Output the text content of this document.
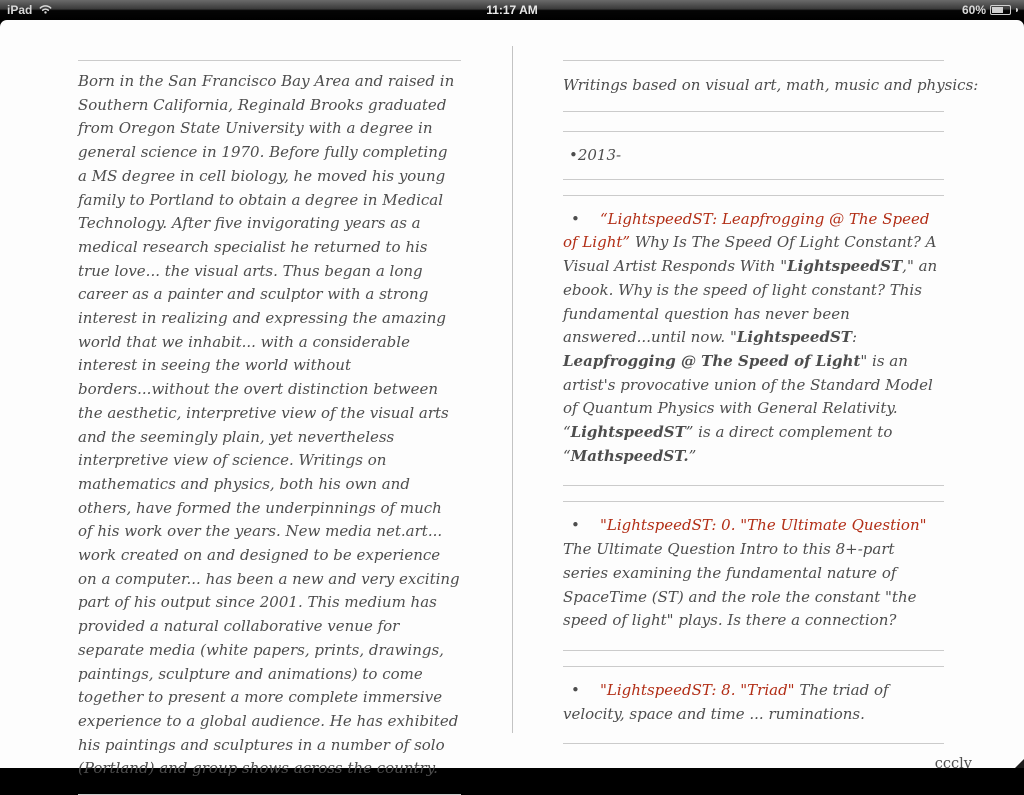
iPad	11:17 AM	60%
Born in the San Francisco Bay Area and raised in Southern California, Reginald Brooks graduated from Oregon State University with a degree in general science in 1970. Before fully completing a MS degree in cell biology, he moved his young family to Portland to obtain a degree in Medical Technology. After five invigorating years as a medical research specialist he returned to his true love... the visual arts. Thus began a long career as a painter and sculptor with a strong interest in realizing and expressing the amazing world that we inhabit... with a considerable interest in seeing the world without borders...without the overt distinction between the aesthetic, interpretive view of the visual arts and the seemingly plain, yet nevertheless interpretive view of science. Writings on mathematics and physics, both his own and others, have formed the underpinnings of much of his work over the years. New media net.art... work created on and designed to be experience on a computer... has been a new and very exciting part of his output since 2001. This medium has provided a natural collaborative venue for separate media (white papers, prints, drawings, paintings, sculpture and animations) to come together to present a more complete immersive experience to a global audience. He has exhibited his paintings and sculptures in a number of solo (Portland) and group shows across the country.
Writings based on visual art, math, music and physics:
•2013-
• “LightspeedST: Leapfrogging @ The Speed of Light” Why Is The Speed Of Light Constant? A Visual Artist Responds With "LightspeedST," an ebook. Why is the speed of light constant? This fundamental question has never been answered...until now. "LightspeedST: Leapfrogging @ The Speed of Light" is an artist's provocative union of the Standard Model of Quantum Physics with General Relativity. “LightspeedST” is a direct complement to “MathspeedST.”
• "LightspeedST: 0. "The Ultimate Question" The Ultimate Question Intro to this 8+-part series examining the fundamental nature of SpaceTime (ST) and the role the constant "the speed of light" plays. Is there a connection?
• "LightspeedST: 8. "Triad" The triad of velocity, space and time ... ruminations.
ccclv
